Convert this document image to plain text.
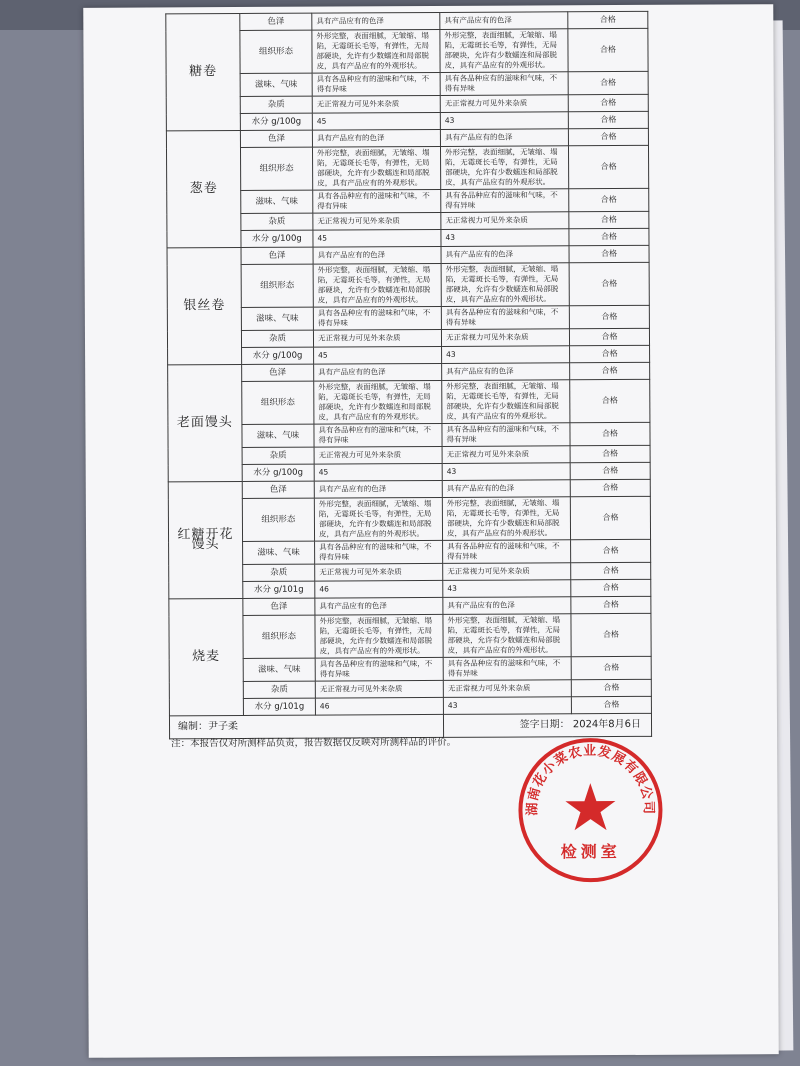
糖卷	色泽	具有产品应有的色泽	具有产品应有的色泽	合格
	组织形态	外形完整，表面细腻，无皱缩、塌陷，无霉斑长毛等，有弹性，无局部硬块，允许有少数蠕连和局部脱皮，具有产品应有的外观形状。	外形完整，表面细腻，无皱缩、塌陷，无霉斑长毛等，有弹性，无局部硬块，允许有少数蠕连和局部脱皮，具有产品应有的外观形状。	合格
	滋味、气味	具有各品种应有的滋味和气味，不得有异味	具有各品种应有的滋味和气味，不得有异味	合格
	杂质	无正常视力可见外来杂质	无正常视力可见外来杂质	合格
	水分 g/100g	45	43	合格
葱卷	色泽	具有产品应有的色泽	具有产品应有的色泽	合格
	组织形态	外形完整，表面细腻，无皱缩、塌陷，无霉斑长毛等，有弹性，无局部硬块，允许有少数蠕连和局部脱皮，具有产品应有的外观形状。	外形完整，表面细腻，无皱缩、塌陷，无霉斑长毛等，有弹性，无局部硬块，允许有少数蠕连和局部脱皮，具有产品应有的外观形状。	合格
	滋味、气味	具有各品种应有的滋味和气味，不得有异味	具有各品种应有的滋味和气味，不得有异味	合格
	杂质	无正常视力可见外来杂质	无正常视力可见外来杂质	合格
	水分 g/100g	45	43	合格
银丝卷	色泽	具有产品应有的色泽	具有产品应有的色泽	合格
	组织形态	外形完整，表面细腻，无皱缩、塌陷，无霉斑长毛等，有弹性，无局部硬块，允许有少数蠕连和局部脱皮，具有产品应有的外观形状。	外形完整，表面细腻，无皱缩、塌陷，无霉斑长毛等，有弹性，无局部硬块，允许有少数蠕连和局部脱皮，具有产品应有的外观形状。	合格
	滋味、气味	具有各品种应有的滋味和气味，不得有异味	具有各品种应有的滋味和气味，不得有异味	合格
	杂质	无正常视力可见外来杂质	无正常视力可见外来杂质	合格
	水分 g/100g	45	43	合格
老面馒头	色泽	具有产品应有的色泽	具有产品应有的色泽	合格
	组织形态	外形完整，表面细腻，无皱缩、塌陷，无霉斑长毛等，有弹性，无局部硬块，允许有少数蠕连和局部脱皮，具有产品应有的外观形状。	外形完整，表面细腻，无皱缩、塌陷，无霉斑长毛等，有弹性，无局部硬块，允许有少数蠕连和局部脱皮，具有产品应有的外观形状。	合格
	滋味、气味	具有各品种应有的滋味和气味，不得有异味	具有各品种应有的滋味和气味，不得有异味	合格
	杂质	无正常视力可见外来杂质	无正常视力可见外来杂质	合格
	水分 g/100g	45	43	合格
红糖开花馒头	色泽	具有产品应有的色泽	具有产品应有的色泽	合格
	组织形态	外形完整，表面细腻，无皱缩、塌陷，无霉斑长毛等，有弹性，无局部硬块，允许有少数蠕连和局部脱皮，具有产品应有的外观形状。	外形完整，表面细腻，无皱缩、塌陷，无霉斑长毛等，有弹性，无局部硬块，允许有少数蠕连和局部脱皮，具有产品应有的外观形状。	合格
	滋味、气味	具有各品种应有的滋味和气味，不得有异味	具有各品种应有的滋味和气味，不得有异味	合格
	杂质	无正常视力可见外来杂质	无正常视力可见外来杂质	合格
	水分 g/101g	46	43	合格
烧麦	色泽	具有产品应有的色泽	具有产品应有的色泽	合格
	组织形态	外形完整，表面细腻，无皱缩、塌陷，无霉斑长毛等，有弹性，无局部硬块，允许有少数蠕连和局部脱皮，具有产品应有的外观形状。	外形完整，表面细腻，无皱缩、塌陷，无霉斑长毛等，有弹性，无局部硬块，允许有少数蠕连和局部脱皮，具有产品应有的外观形状。	合格
	滋味、气味	具有各品种应有的滋味和气味，不得有异味	具有各品种应有的滋味和气味，不得有异味	合格
	杂质	无正常视力可见外来杂质	无正常视力可见外来杂质	合格
	水分 g/101g	46	43	合格
编制：尹子柔			签字日期： 2024年8月6日	
注：本报告仅对所测样品负责，报告数据仅反映对所测样品的评价。
湖南花小菜农业发展有限公司
检测室
